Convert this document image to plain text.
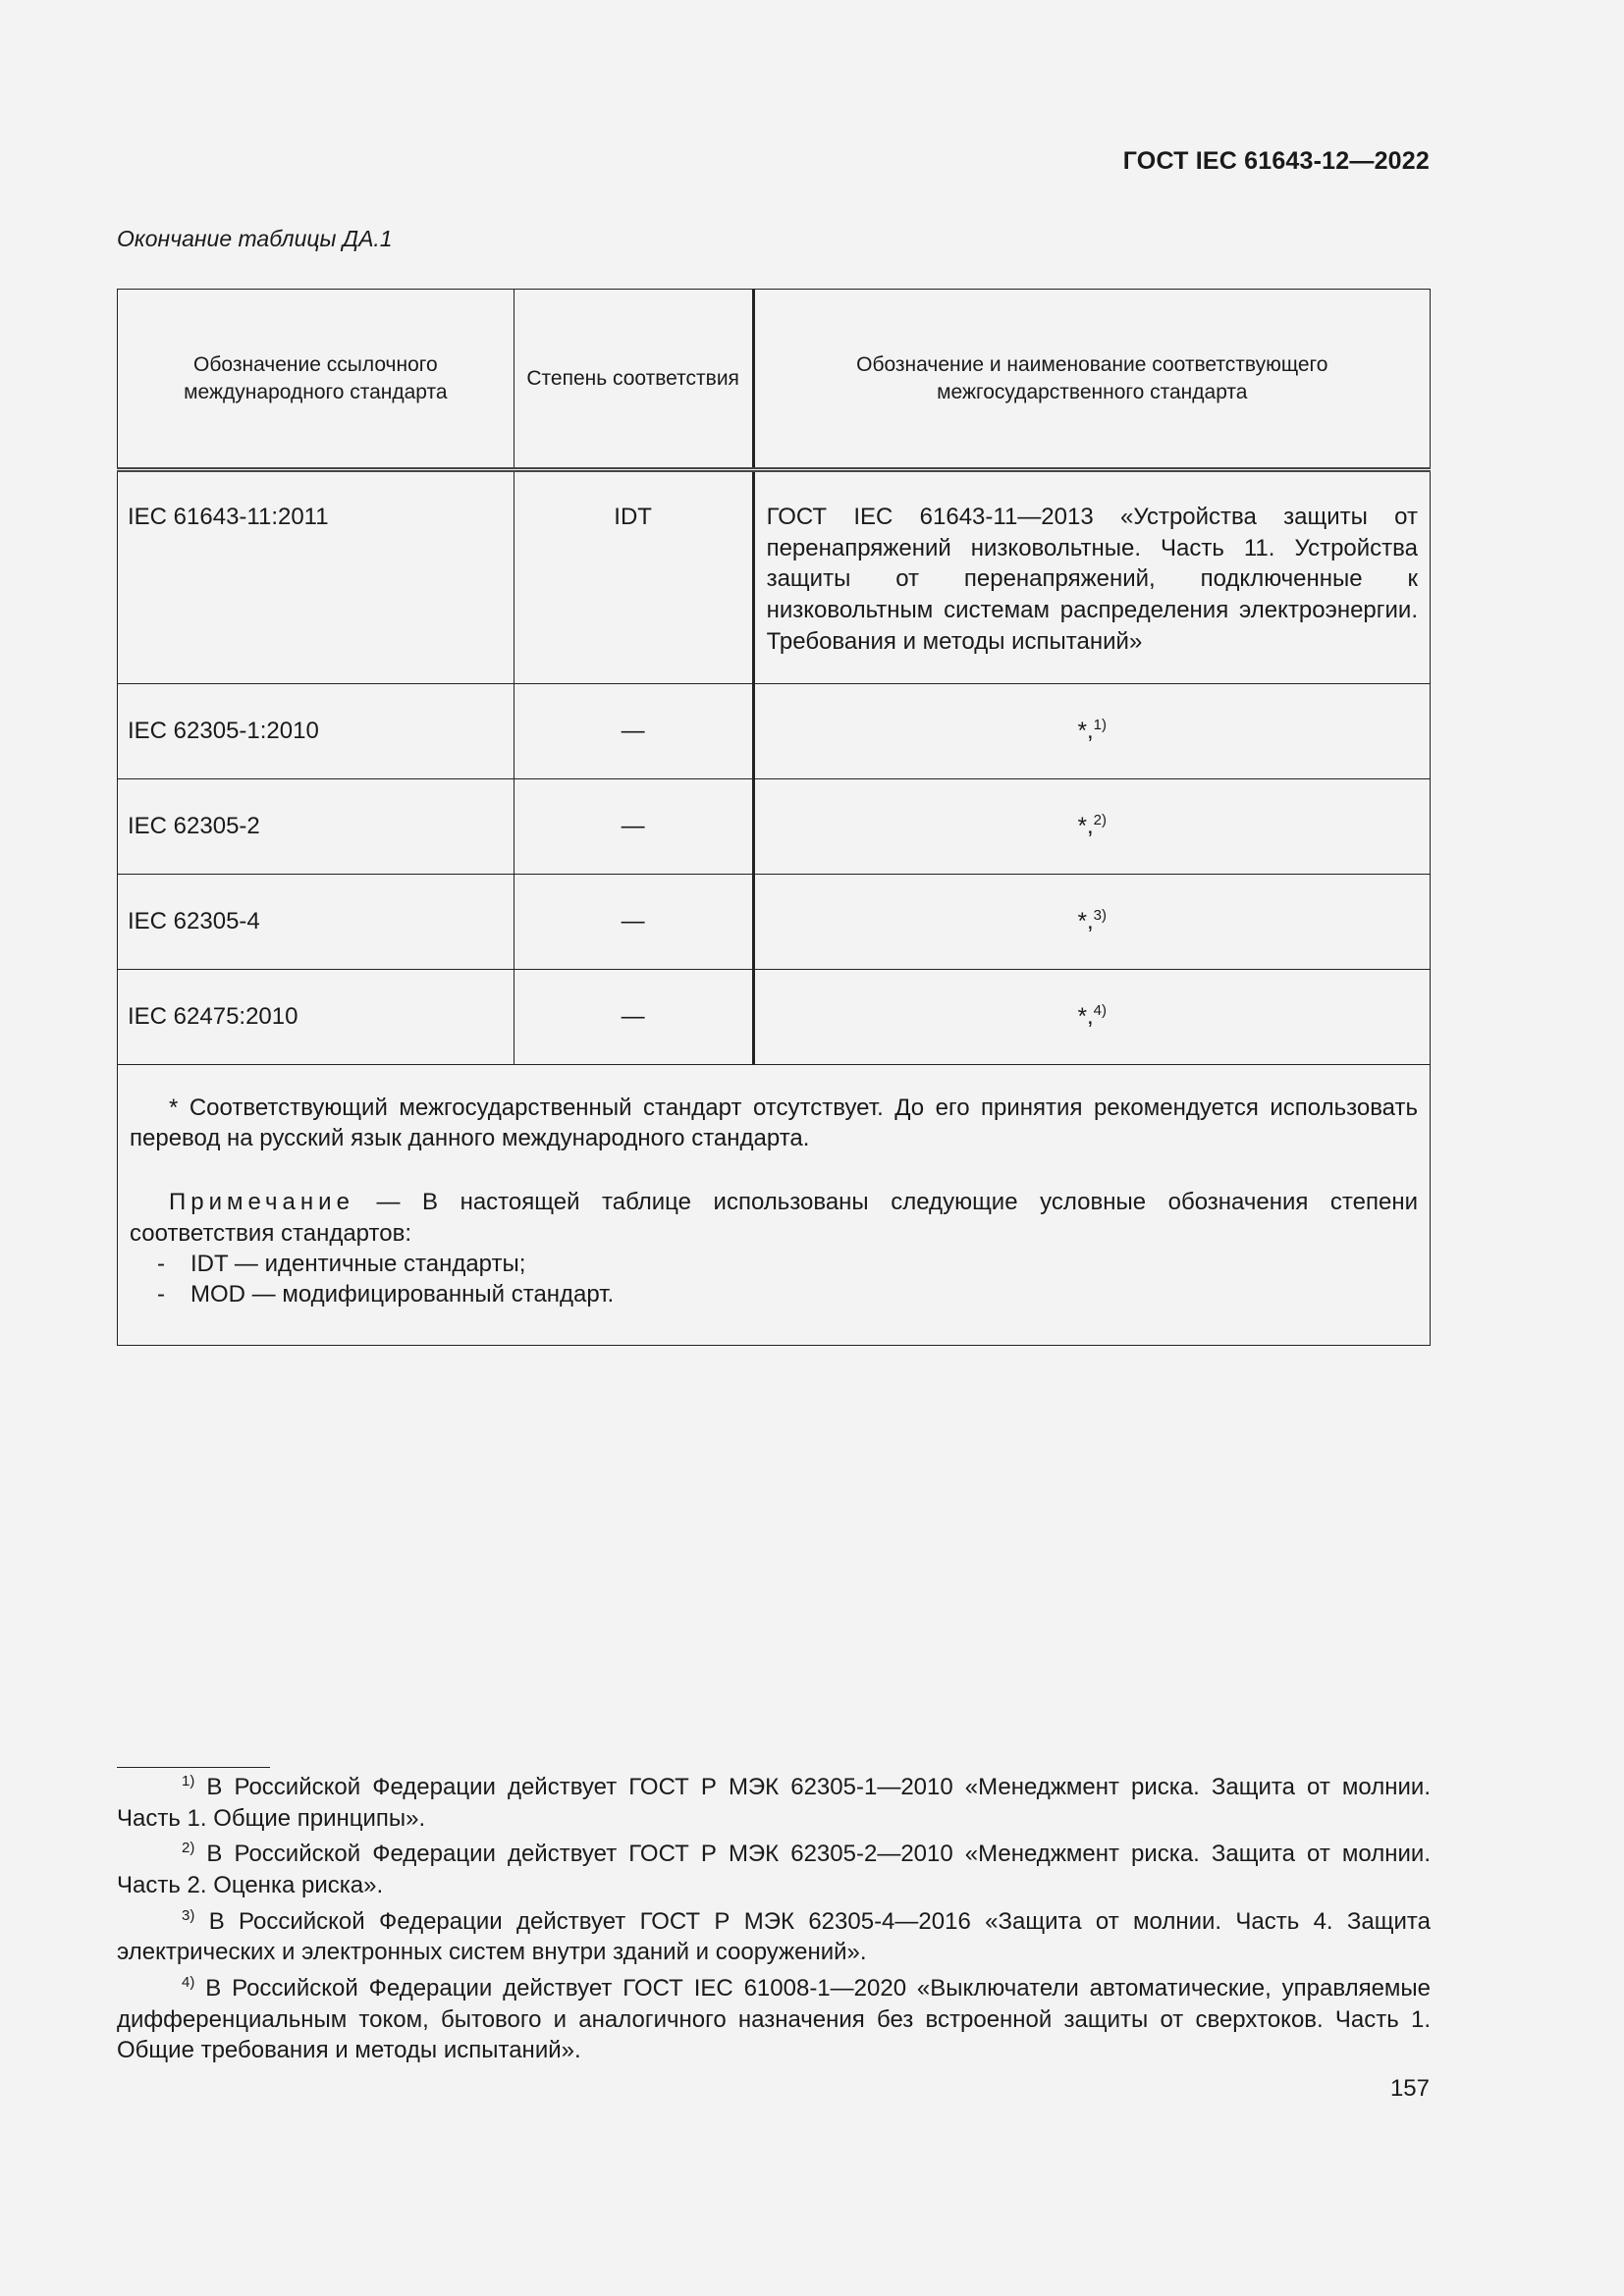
ГОСТ IEC 61643-12—2022
Окончание таблицы ДА.1
Обозначение ссылочного международного стандарта	Степень соответствия	Обозначение и наименование соответствующего межгосударственного стандарта
IEC 61643-11:2011	IDT	ГОСТ IEC 61643-11—2013 «Устройства защиты от перенапряжений низковольтные. Часть 11. Устройства защиты от перенапряжений, подключенные к низковольтным системам распределения электроэнергии. Требования и методы испытаний»
IEC 62305-1:2010	—	*,$^{1)}$
IEC 62305-2	—	*,$^{2)}$
IEC 62305-4	—	*,$^{3)}$
IEC 62475:2010	—	*,$^{4)}$

* Соответствующий межгосударственный стандарт отсутствует. До его принятия рекомендуется использовать перевод на русский язык данного международного стандарта.

Примечание — В настоящей таблице использованы следующие условные обозначения степени соответствия стандартов:

- IDT — идентичные стандарты;
- MOD — модифицированный стандарт.		

$^{1)}$ В Российской Федерации действует ГОСТ Р МЭК 62305-1—2010 «Менеджмент риска. Защита от молнии. Часть 1. Общие принципы».

$^{2)}$ В Российской Федерации действует ГОСТ Р МЭК 62305-2—2010 «Менеджмент риска. Защита от молнии. Часть 2. Оценка риска».

$^{3)}$ В Российской Федерации действует ГОСТ Р МЭК 62305-4—2016 «Защита от молнии. Часть 4. Защита электрических и электронных систем внутри зданий и сооружений».

$^{4)}$ В Российской Федерации действует ГОСТ IEC 61008-1—2020 «Выключатели автоматические, управляемые дифференциальным током, бытового и аналогичного назначения без встроенной защиты от сверхтоков. Часть 1. Общие требования и методы испытаний».

157
